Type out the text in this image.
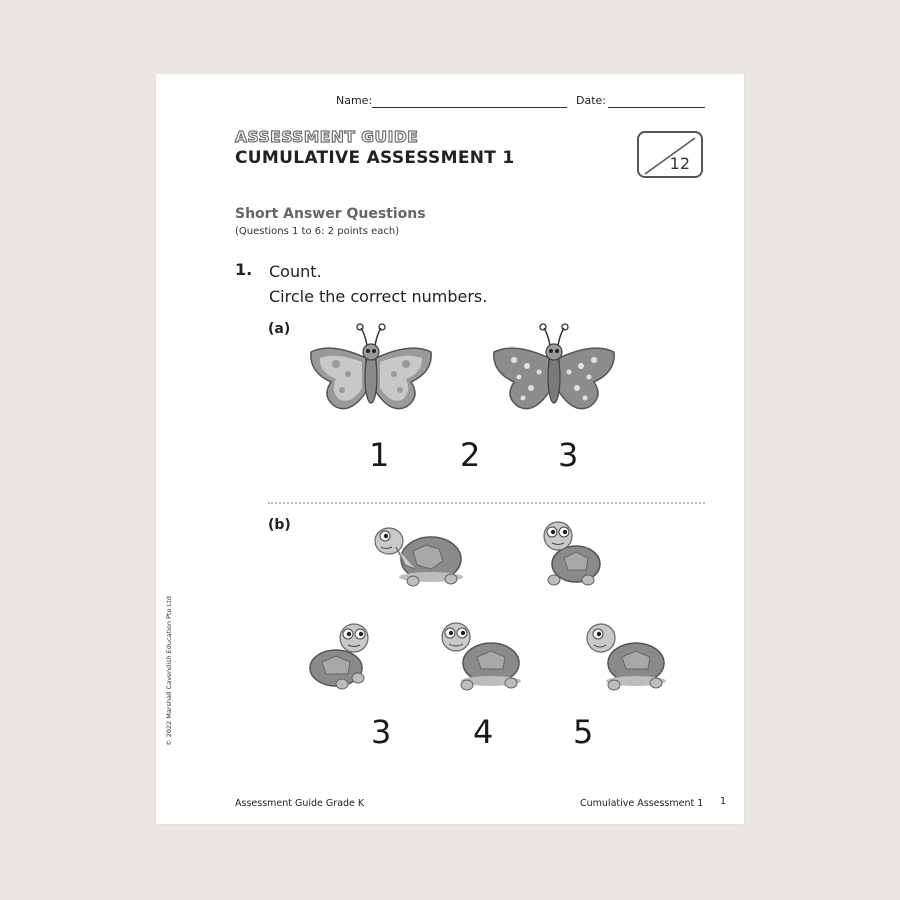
Name:	Date:
ASSESSMENT GUIDE
CUMULATIVE ASSESSMENT 1	12
Short Answer Questions
(Questions 1 to 6: 2 points each)
1. Count.
Circle the correct numbers.
(a)
1 2 3
(b)
3	4 5
© 2022 Marshall Cavendish Education Pte Ltd
Assessment Guide Grade K	Cumulative Assessment 1 1
